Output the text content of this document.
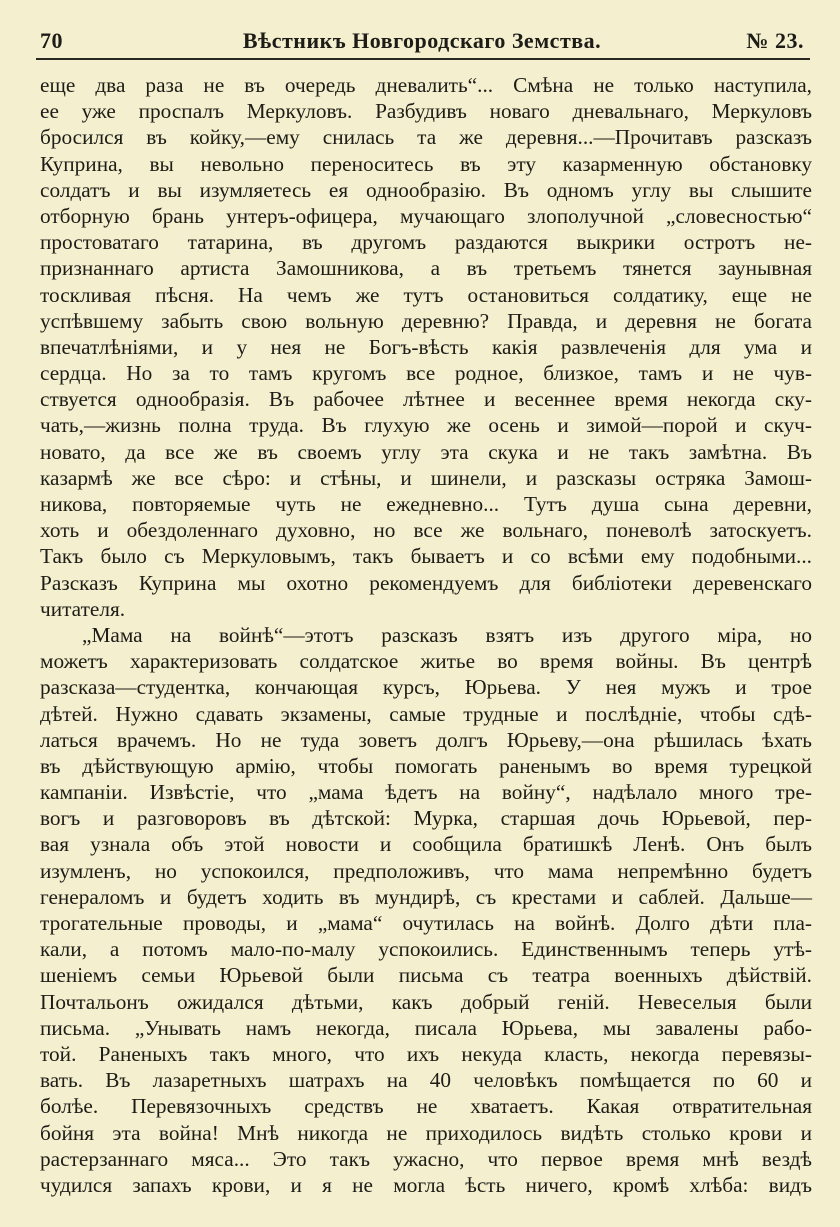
70	Вѣстникъ Новгородскаго Земства.	№ 23.
еще два раза не въ очередь дневалить“... Смѣна не только наступила,
ее уже проспалъ Меркуловъ. Разбудивъ новаго дневальнаго, Меркуловъ
бросился въ койку,—ему снилась та же деревня...—Прочитавъ разсказъ
Куприна, вы невольно переноситесь въ эту казарменную обстановку
солдатъ и вы изумляетесь ея однообразію. Въ одномъ углу вы слышите
отборную брань унтеръ-офицера, мучающаго злополучной „словесностью“
простоватаго татарина, въ другомъ раздаются выкрики остротъ не-
признаннаго артиста Замошникова, а въ третьемъ тянется заунывная
тоскливая пѣсня. На чемъ же тутъ остановиться солдатику, еще не
успѣвшему забыть свою вольную деревню? Правда, и деревня не богата
впечатлѣніями, и у нея не Богъ-вѣсть какія развлеченія для ума и
сердца. Но за то тамъ кругомъ все родное, близкое, тамъ и не чув-
ствуется однообразія. Въ рабочее лѣтнее и весеннее время некогда ску-
чать,—жизнь полна труда. Въ глухую же осень и зимой—порой и скуч-
новато, да все же въ своемъ углу эта скука и не такъ замѣтна. Въ
казармѣ же все сѣро: и стѣны, и шинели, и разсказы остряка Замош-
никова, повторяемые чуть не ежедневно... Тутъ душа сына деревни,
хоть и обездоленнаго духовно, но все же вольнаго, поневолѣ затоскуетъ.
Такъ было съ Меркуловымъ, такъ бываетъ и со всѣми ему подобными...
Разсказъ Куприна мы охотно рекомендуемъ для библіотеки деревенскаго
читателя.
„Мама на войнѣ“—этотъ разсказъ взятъ изъ другого міра, но
можетъ характеризовать солдатское житье во время войны. Въ центрѣ
разсказа—студентка, кончающая курсъ, Юрьева. У нея мужъ и трое
дѣтей. Нужно сдавать экзамены, самые трудные и послѣдніе, чтобы сдѣ-
латься врачемъ. Но не туда зоветъ долгъ Юрьеву,—она рѣшилась ѣхать
въ дѣйствующую армію, чтобы помогать раненымъ во время турецкой
кампаніи. Извѣстіе, что „мама ѣдетъ на войну“, надѣлало много тре-
вогъ и разговоровъ въ дѣтской: Мурка, старшая дочь Юрьевой, пер-
вая узнала объ этой новости и сообщила братишкѣ Ленѣ. Онъ былъ
изумленъ, но успокоился, предположивъ, что мама непремѣнно будетъ
генераломъ и будетъ ходить въ мундирѣ, съ крестами и саблей. Дальше—
трогательные проводы, и „мама“ очутилась на войнѣ. Долго дѣти пла-
кали, а потомъ мало-по-малу успокоились. Единственнымъ теперь утѣ-
шеніемъ семьи Юрьевой были письма съ театра военныхъ дѣйствій.
Почтальонъ ожидался дѣтьми, какъ добрый геній. Невеселыя были
письма. „Унывать намъ некогда, писала Юрьева, мы завалены рабо-
той. Раненыхъ такъ много, что ихъ некуда класть, некогда перевязы-
вать. Въ лазаретныхъ шатрахъ на 40 человѣкъ помѣщается по 60 и
болѣе. Перевязочныхъ средствъ не хватаетъ. Какая отвратительная
бойня эта война! Мнѣ никогда не приходилось видѣть столько крови и
растерзаннаго мяса... Это такъ ужасно, что первое время мнѣ вездѣ
чудился запахъ крови, и я не могла ѣсть ничего, кромѣ хлѣба: видъ
